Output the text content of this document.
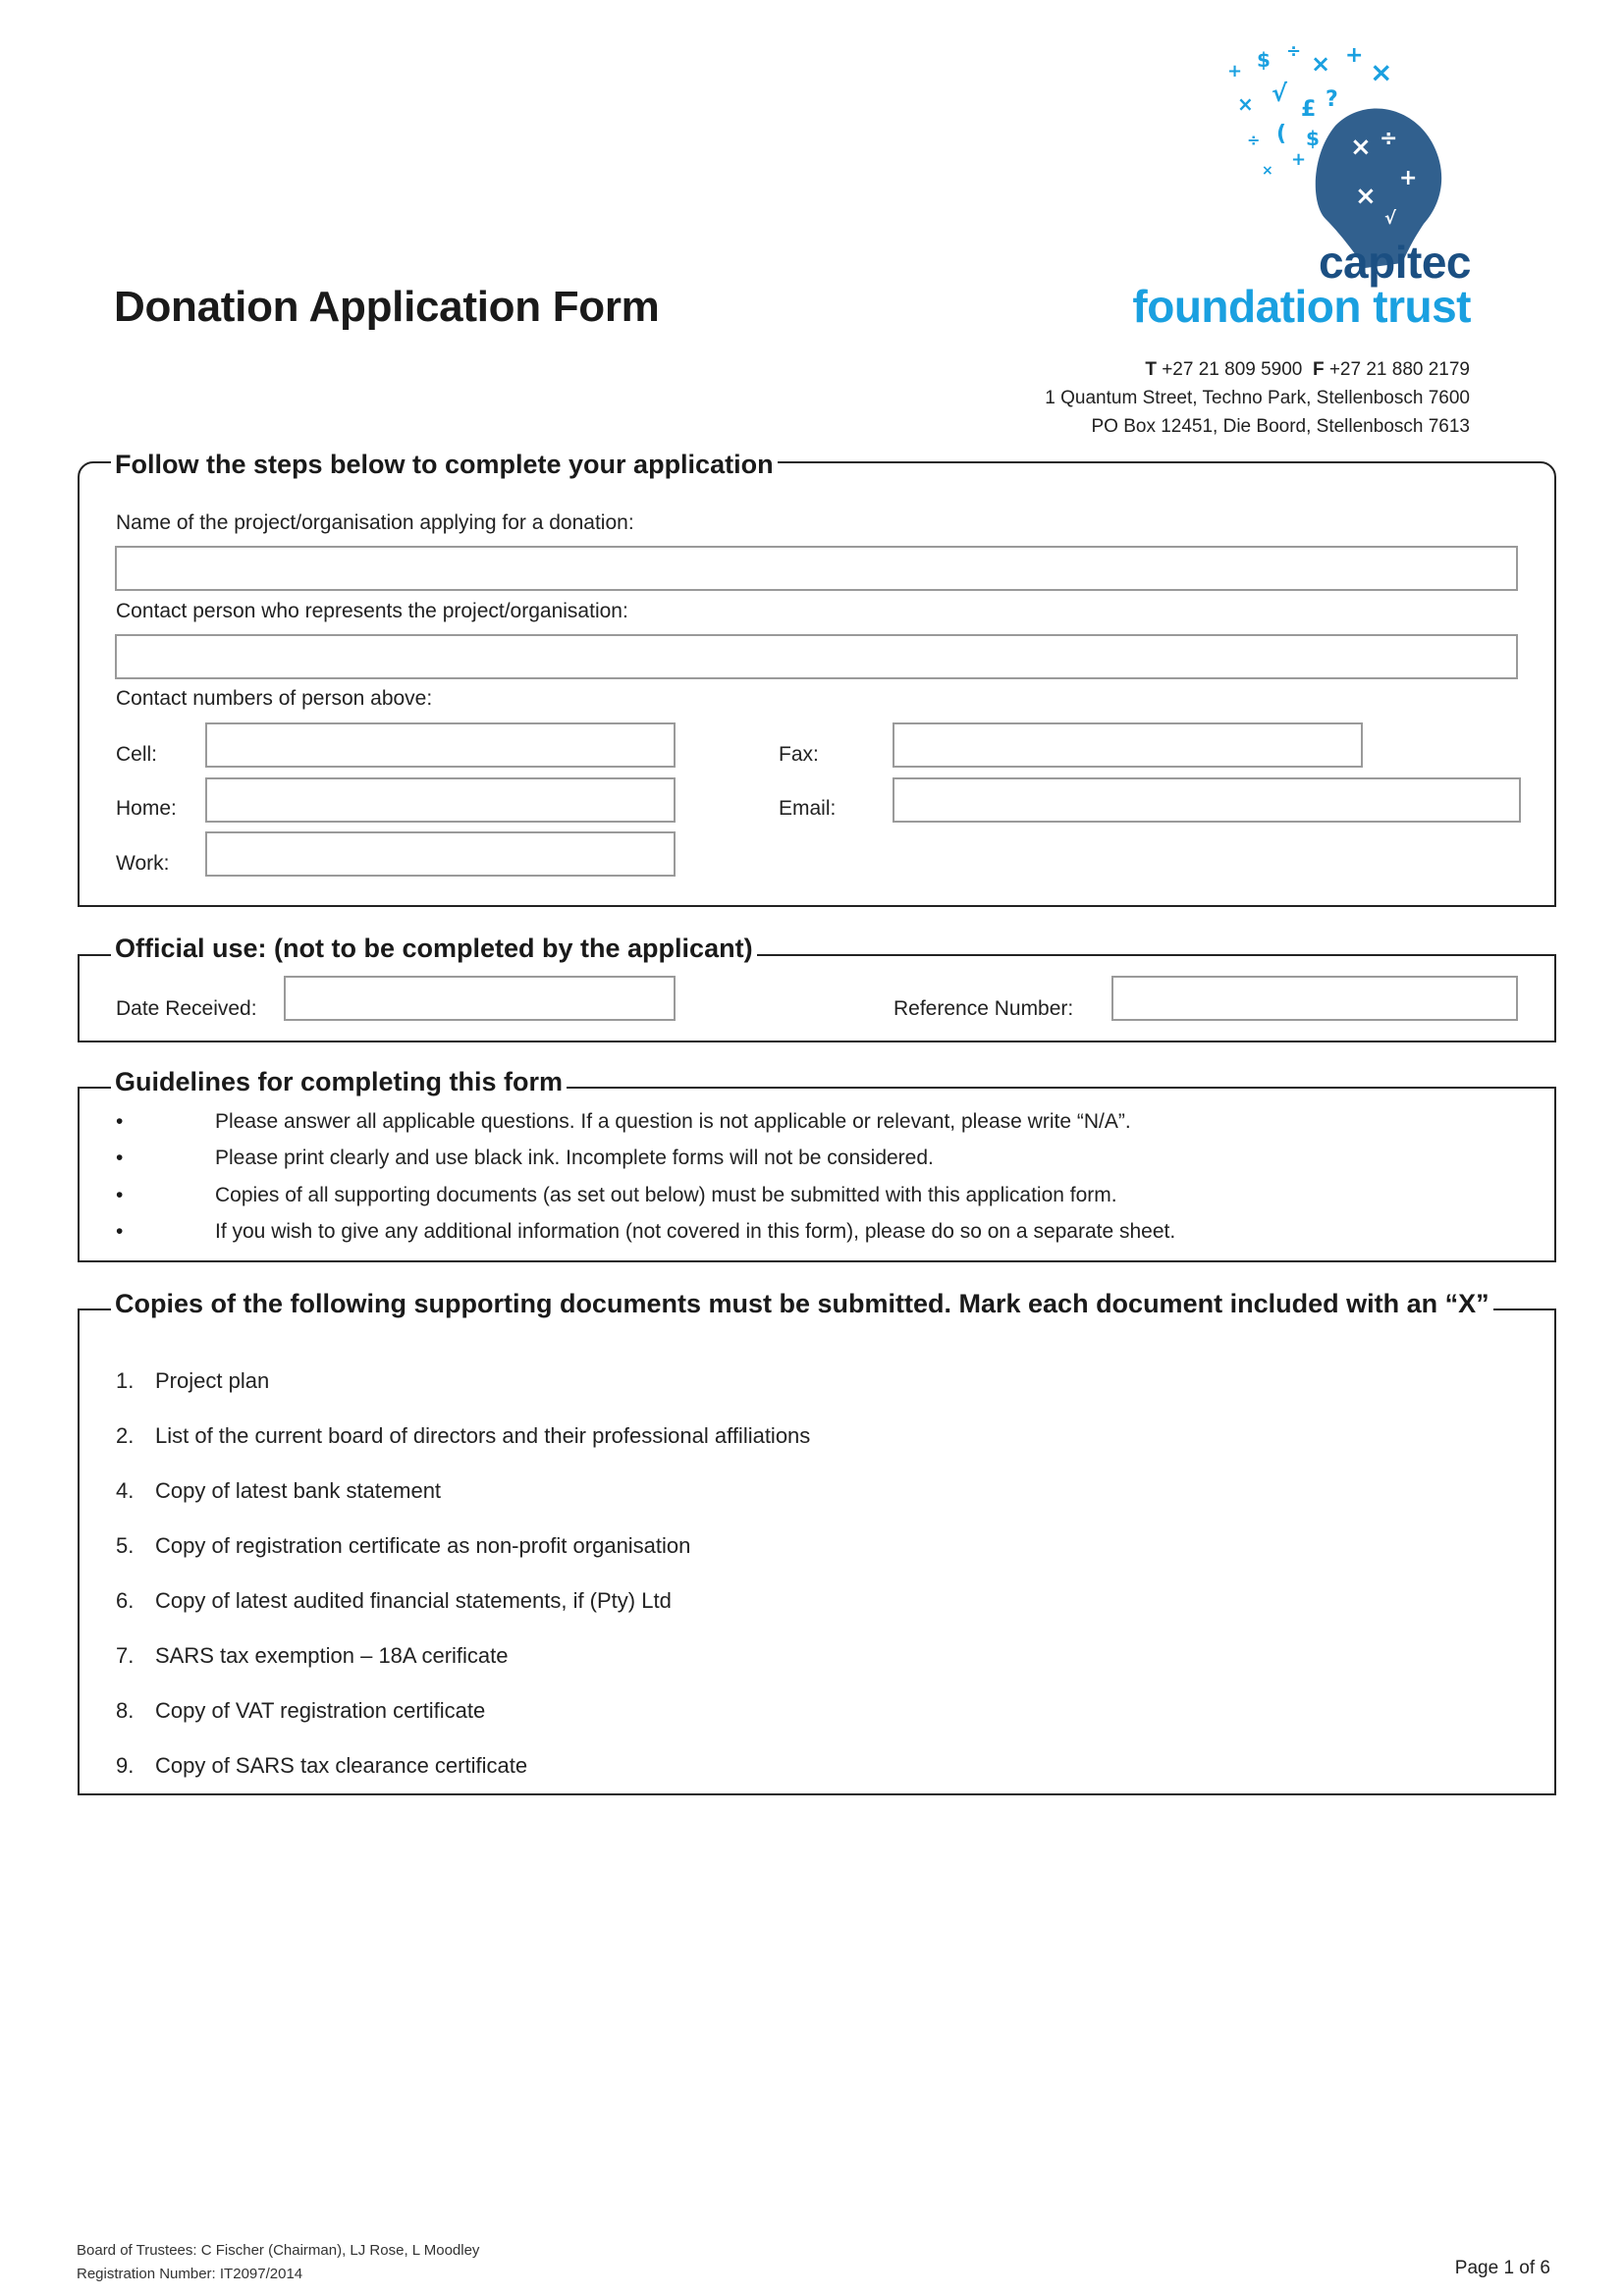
Donation Application Form
+ $ ÷ × +
×
× √
£ ?
÷ (
+
×
$ × ÷
+
×
√
capitec
foundation trust
T +27 21 809 5900 F +27 21 880 2179
1 Quantum Street, Techno Park, Stellenbosch 7600
PO Box 12451, Die Boord, Stellenbosch 7613
Follow the steps below to complete your application
Name of the project/organisation applying for a donation:
Contact person who represents the project/organisation:
Contact numbers of person above:
Cell:	Fax:
Home:	Email:
Work:
Official use: (not to be completed by the applicant)
Date Received:	Reference Number:
Guidelines for completing this form
•	Please answer all applicable questions. If a question is not applicable or relevant, please write “N/A”.
•	Please print clearly and use black ink. Incomplete forms will not be considered.
•	Copies of all supporting documents (as set out below) must be submitted with this application form.
•	If you wish to give any additional information (not covered in this form), please do so on a separate sheet.
Copies of the following supporting documents must be submitted. Mark each document included with an “X”
1. Project plan
2. List of the current board of directors and their professional affiliations
4. Copy of latest bank statement
5. Copy of registration certificate as non-profit organisation
6. Copy of latest audited financial statements, if (Pty) Ltd
7. SARS tax exemption – 18A cerificate
8. Copy of VAT registration certificate
9. Copy of SARS tax clearance certificate
Board of Trustees: C Fischer (Chairman), LJ Rose, L Moodley
Registration Number: IT2097/2014	Page 1 of 6
